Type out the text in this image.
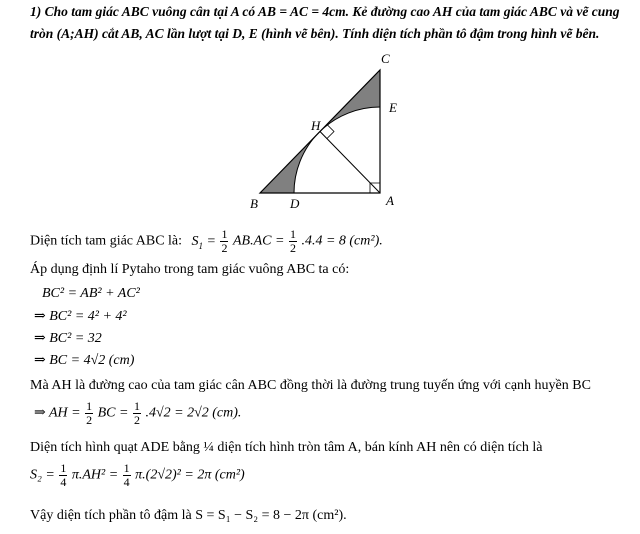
1) Cho tam giác ABC vuông cân tại A có AB = AC = 4cm. Kẻ đường cao AH của tam giác ABC và vẽ cung
tròn (A;AH) cắt AB, AC lần lượt tại D, E (hình vẽ bên). Tính diện tích phần tô đậm trong hình vẽ bên.
C
E
H
B D	A
Diện tích tam giác ABC là: $S_1 = \frac{1}{2} AB.AC = \frac{1}{2} .4.4 = 8$ (cm²).
Áp dụng định lí Pytaho trong tam giác vuông ABC ta có:
BC² = AB² + AC²
⇒ BC² = 4² + 4²
⇒ BC² = 32
⇒ BC = 4√2 (cm)
Mà AH là đường cao của tam giác cân ABC đồng thời là đường trung tuyến ứng với cạnh huyền BC
⇒ AH = $\frac{1}{2}$ BC = $\frac{1}{2} .4√2 = 2√2$ (cm).
Diện tích hình quạt ADE bằng ¼ diện tích hình tròn tâm A, bán kính AH nên có diện tích là
$S_2 = \frac{1}{4} \pi.AH^2 = \frac{1}{4} \pi.(2√2)^2 = 2\pi$ (cm²)
Vậy diện tích phần tô đậm là S = S₁ − S₂ = 8 − 2π (cm²).
